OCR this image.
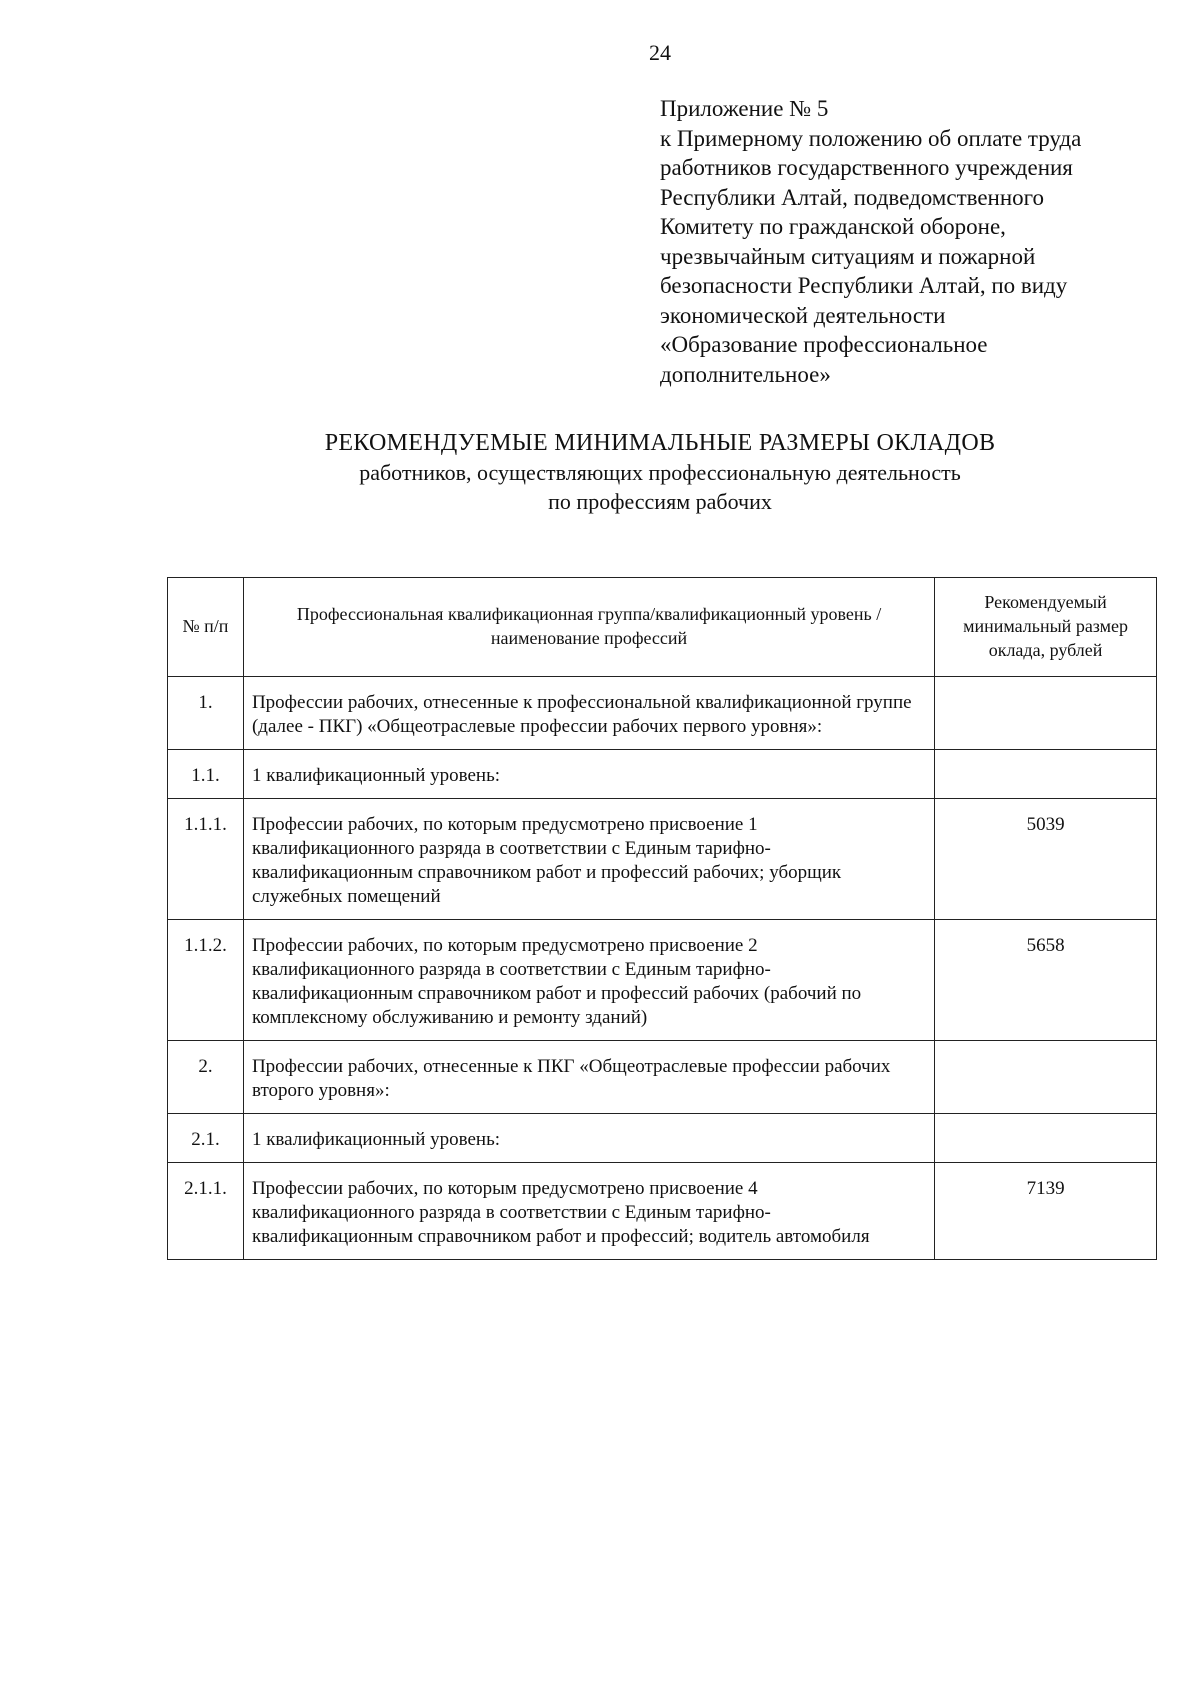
24
Приложение № 5
к Примерному положению об оплате труда
работников государственного учреждения
Республики Алтай, подведомственного
Комитету по гражданской обороне,
чрезвычайным ситуациям и пожарной
безопасности Республики Алтай, по виду
экономической деятельности
«Образование профессиональное
дополнительное»
РЕКОМЕНДУЕМЫЕ МИНИМАЛЬНЫЕ РАЗМЕРЫ ОКЛАДОВ
работников, осуществляющих профессиональную деятельность
по профессиям рабочих
№ п/п	Профессиональная квалификационная группа/квалификационный уровень / наименование профессий	Рекомендуемый минимальный размер оклада, рублей
1.	Профессии рабочих, отнесенные к профессиональной квалификационной группе (далее - ПКГ) «Общеотраслевые профессии рабочих первого уровня»:	
1.1.	1 квалификационный уровень:	
1.1.1.	Профессии рабочих, по которым предусмотрено присвоение 1 квалификационного разряда в соответствии с Единым тарифно-квалификационным справочником работ и профессий рабочих; уборщик служебных помещений	5039
1.1.2.	Профессии рабочих, по которым предусмотрено присвоение 2 квалификационного разряда в соответствии с Единым тарифно-квалификационным справочником работ и профессий рабочих (рабочий по комплексному обслуживанию и ремонту зданий)	5658
2.	Профессии рабочих, отнесенные к ПКГ «Общеотраслевые профессии рабочих второго уровня»:	
2.1.	1 квалификационный уровень:	
2.1.1.	Профессии рабочих, по которым предусмотрено присвоение 4 квалификационного разряда в соответствии с Единым тарифно-квалификационным справочником работ и профессий; водитель автомобиля	7139
